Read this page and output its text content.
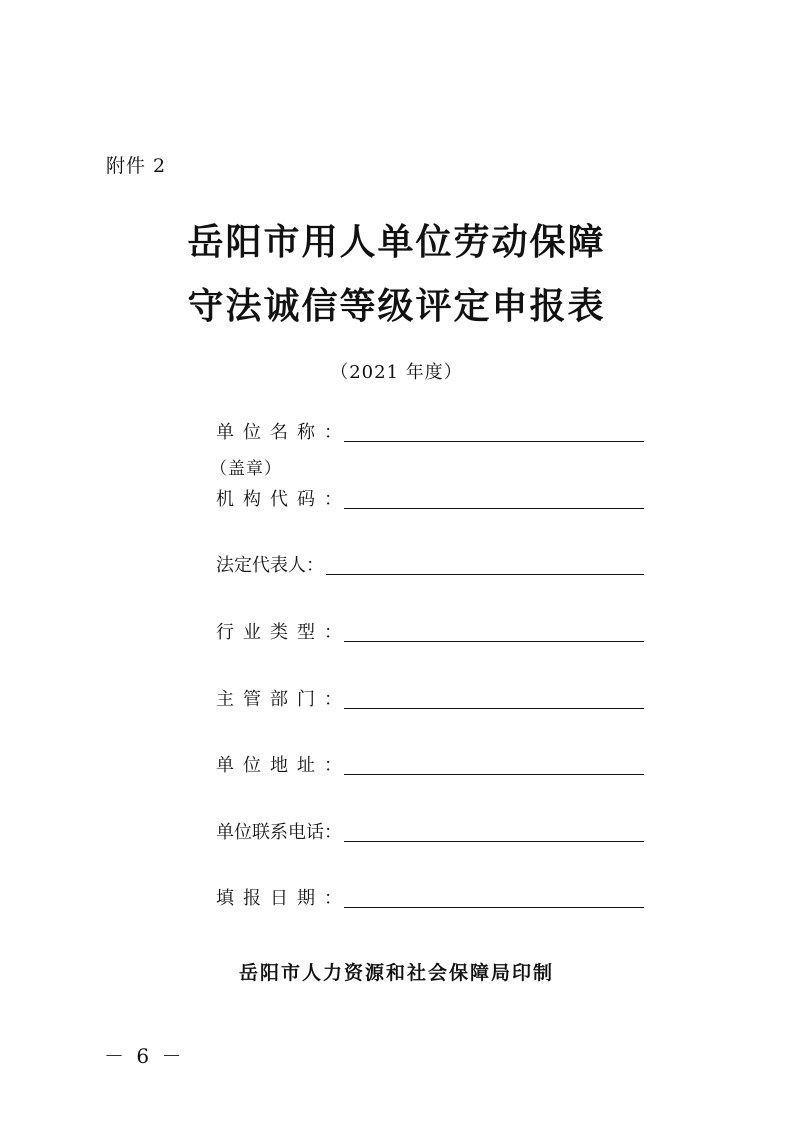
附件 2
岳阳市用人单位劳动保障
守法诚信等级评定申报表
（2021 年度）
单位名称 ：
（盖章）
机构代码 ：
法定代表人 ：
行业类型 ：
主管部门 ：
单位地址 ：
单位联系电话 ：
填报日期 ：
岳阳市人力资源和社会保障局印制
－ 6 －
